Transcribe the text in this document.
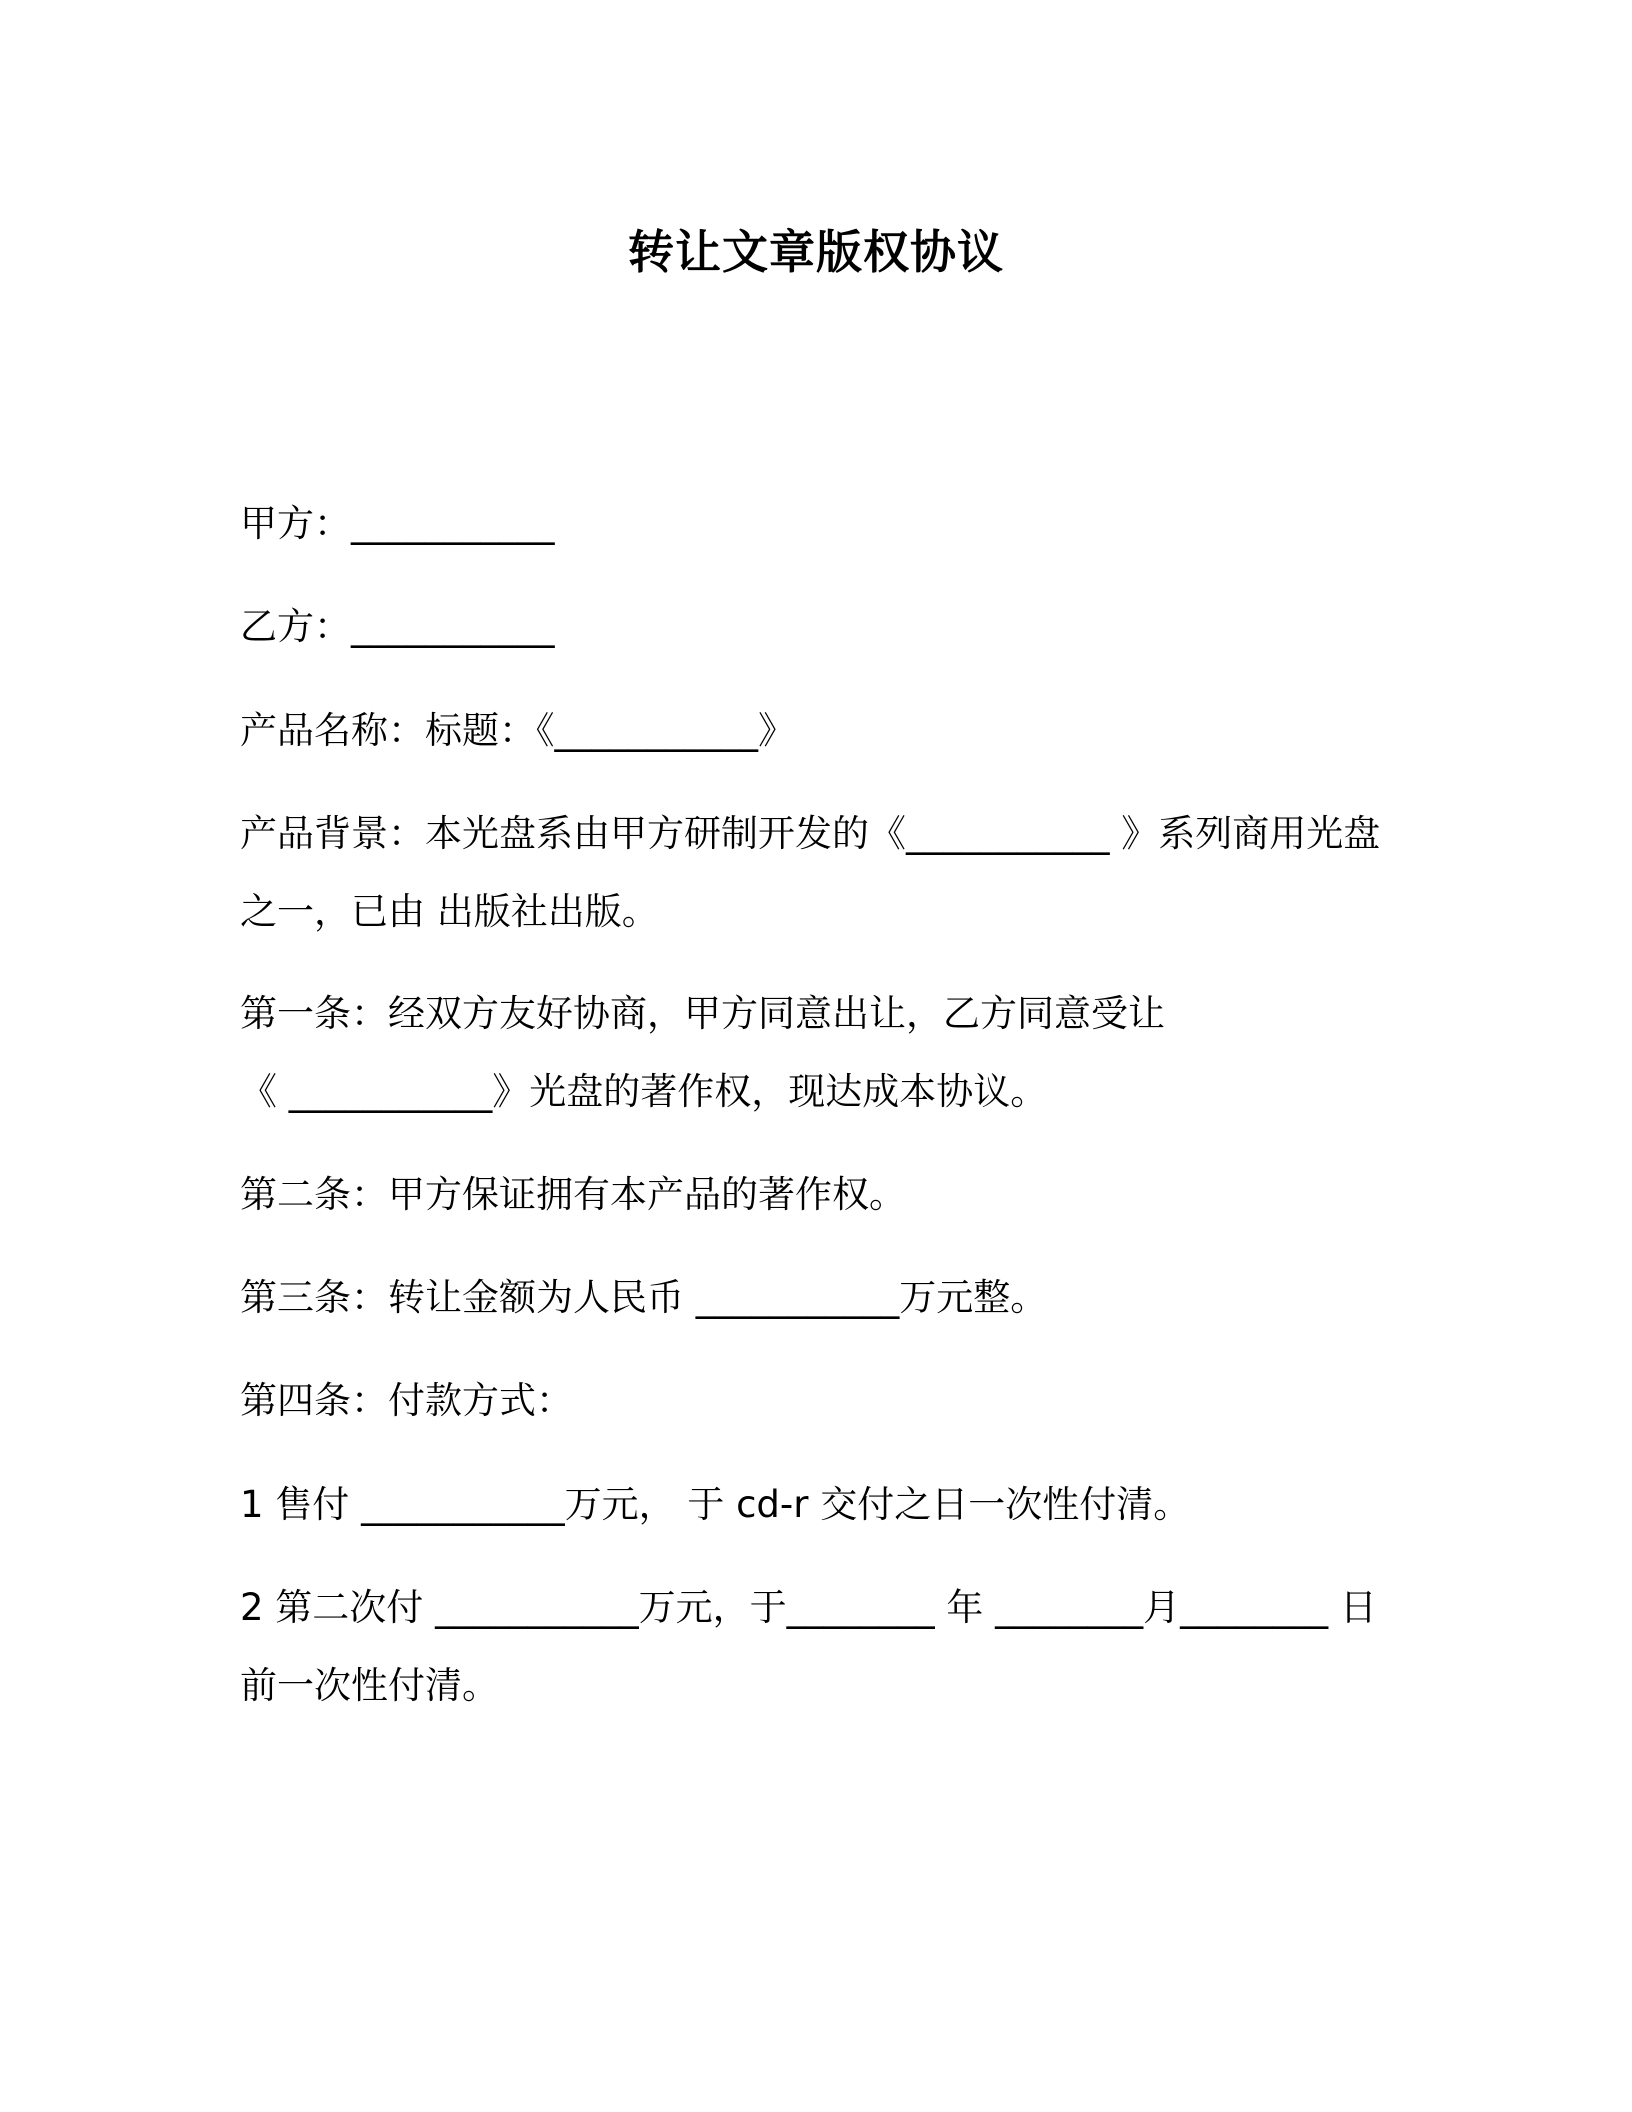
转让文章版权协议
甲方：___________
乙方：___________
产品名称：标题：《___________》
产品背景：本光盘系由甲方研制开发的《___________ 》系列商用光盘
之一，已由 出版社出版。
第一条：经双方友好协商，甲方同意出让，乙方同意受让
《 ___________》光盘的著作权，现达成本协议。
第二条：甲方保证拥有本产品的著作权。
第三条：转让金额为人民币 ___________万元整。
第四条：付款方式：
1 售付 ___________万元， 于 cd-r 交付之日一次性付清。
2 第二次付 ___________万元，于________ 年 ________月________ 日
前一次性付清。
